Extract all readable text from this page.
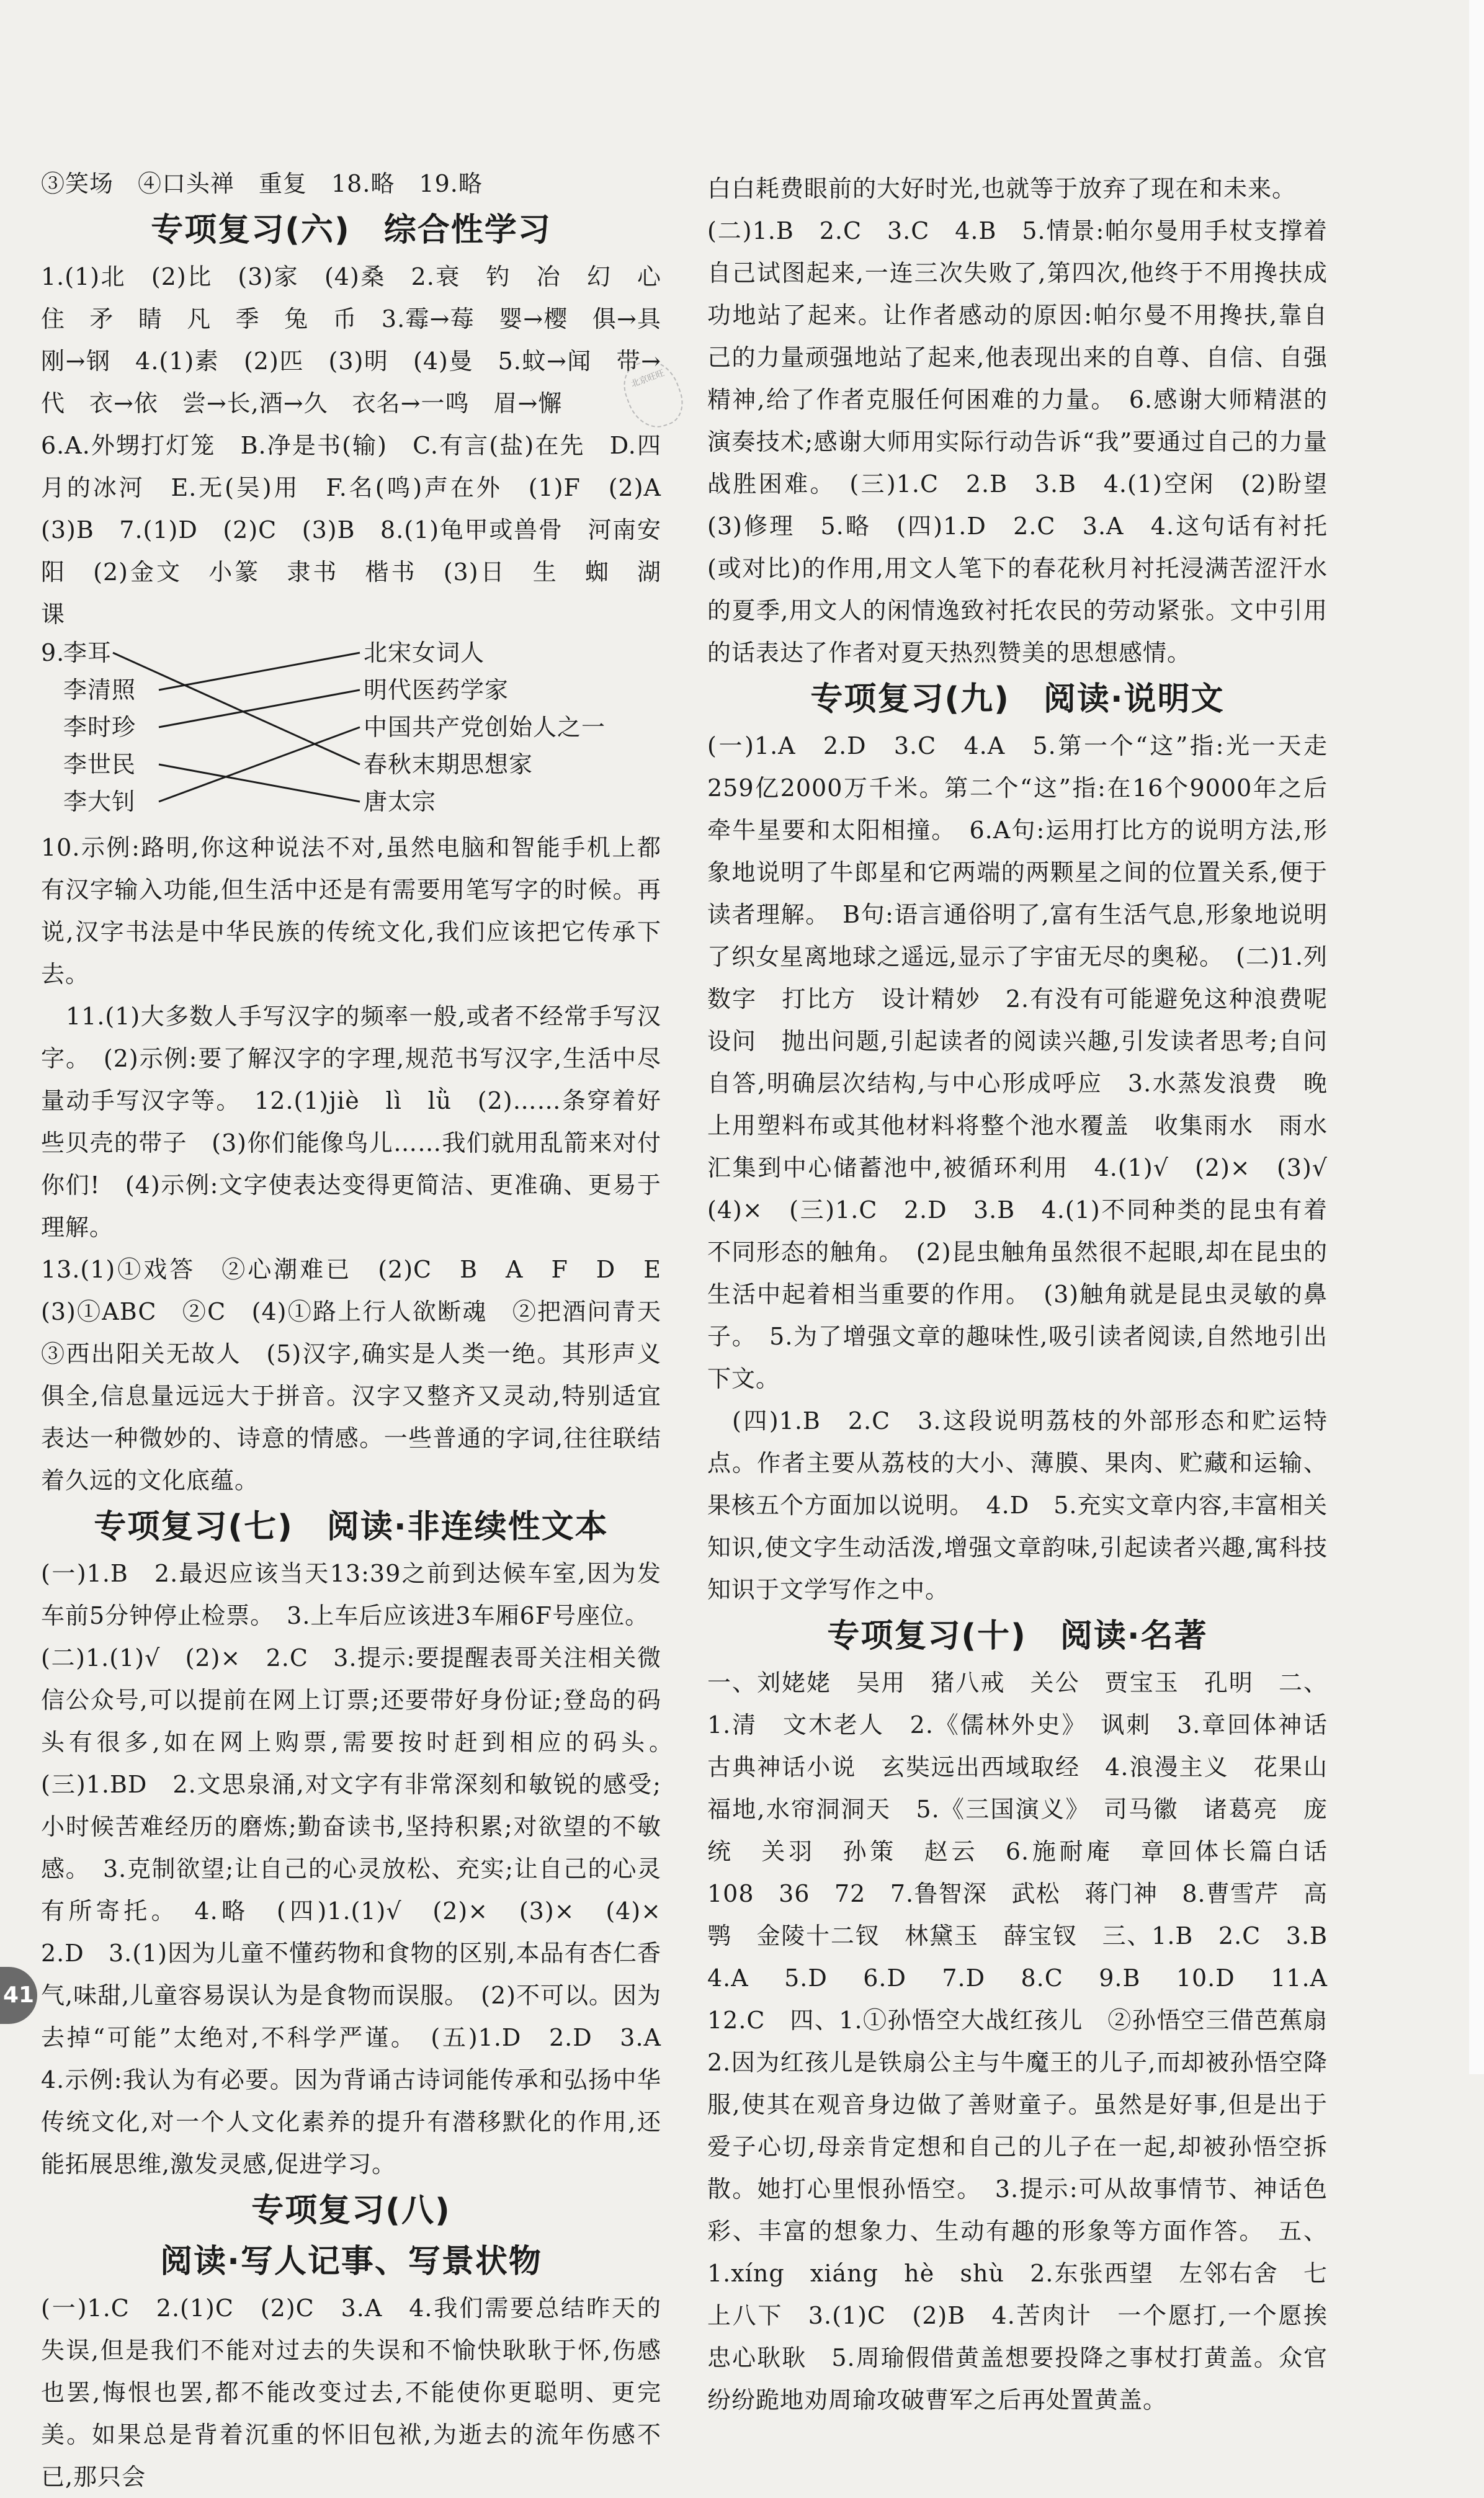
北京旺旺

③笑场　④口头禅　重复　18.略　19.略

专项复习(六)　综合性学习

1.(1)北　(2)比　(3)家　(4)桑　2.衰　钓　冶　幻　心　住　矛　睛　凡　季　兔　币　3.霉→莓　婴→樱　俱→具　刚→钢　4.(1)素　(2)匹　(3)明　(4)曼　5.蚊→闻　带→代　衣→依　尝→长,酒→久　衣名→一鸣　眉→懈

6.A.外甥打灯笼　B.净是书(输)　C.有言(盐)在先　D.四月的冰河　E.无(吴)用　F.名(鸣)声在外　(1)F　(2)A　(3)B　7.(1)D　(2)C　(3)B　8.(1)龟甲或兽骨　河南安阳　(2)金文　小篆　隶书　楷书　(3)日　生　蜘　湖　课

9.
李耳
李清照
李时珍
李世民
李大钊
北宋女词人
明代医药学家
中国共产党创始人之一
春秋末期思想家
唐太宗

10.示例:路明,你这种说法不对,虽然电脑和智能手机上都有汉字输入功能,但生活中还是有需要用笔写字的时候。再说,汉字书法是中华民族的传统文化,我们应该把它传承下去。

11.(1)大多数人手写汉字的频率一般,或者不经常手写汉字。　(2)示例:要了解汉字的字理,规范书写汉字,生活中尽量动手写汉字等。　12.(1)jiè　lì　lǜ　(2)……条穿着好些贝壳的带子　(3)你们能像鸟儿……我们就用乱箭来对付你们!　(4)示例:文字使表达变得更简洁、更准确、更易于理解。

13.(1)①戏答　②心潮难已　(2)C　B　A　F　D　E　(3)①ABC　②C　(4)①路上行人欲断魂　②把酒问青天　③西出阳关无故人　(5)汉字,确实是人类一绝。其形声义俱全,信息量远远大于拼音。汉字又整齐又灵动,特别适宜表达一种微妙的、诗意的情感。一些普通的字词,往往联结着久远的文化底蕴。

专项复习(七)　阅读·非连续性文本

(一)1.B　2.最迟应该当天13:39之前到达候车室,因为发车前5分钟停止检票。　3.上车后应该进3车厢6F号座位。

(二)1.(1)√　(2)×　2.C　3.提示:要提醒表哥关注相关微信公众号,可以提前在网上订票;还要带好身份证;登岛的码头有很多,如在网上购票,需要按时赶到相应的码头。　(三)1.BD　2.文思泉涌,对文字有非常深刻和敏锐的感受;小时候苦难经历的磨炼;勤奋读书,坚持积累;对欲望的不敏感。　3.克制欲望;让自己的心灵放松、充实;让自己的心灵有所寄托。　4.略　(四)1.(1)√　(2)×　(3)×　(4)×　2.D　3.(1)因为儿童不懂药物和食物的区别,本品有杏仁香气,味甜,儿童容易误认为是食物而误服。　(2)不可以。因为去掉“可能”太绝对,不科学严谨。　(五)1.D　2.D　3.A　4.示例:我认为有必要。因为背诵古诗词能传承和弘扬中华传统文化,对一个人文化素养的提升有潜移默化的作用,还能拓展思维,激发灵感,促进学习。

专项复习(八)
阅读·写人记事、写景状物

(一)1.C　2.(1)C　(2)C　3.A　4.我们需要总结昨天的失误,但是我们不能对过去的失误和不愉快耿耿于怀,伤感也罢,悔恨也罢,都不能改变过去,不能使你更聪明、更完美。如果总是背着沉重的怀旧包袱,为逝去的流年伤感不已,那只会

白白耗费眼前的大好时光,也就等于放弃了现在和未来。

(二)1.B　2.C　3.C　4.B　5.情景:帕尔曼用手杖支撑着自己试图起来,一连三次失败了,第四次,他终于不用搀扶成功地站了起来。让作者感动的原因:帕尔曼不用搀扶,靠自己的力量顽强地站了起来,他表现出来的自尊、自信、自强精神,给了作者克服任何困难的力量。　6.感谢大师精湛的演奏技术;感谢大师用实际行动告诉“我”要通过自己的力量战胜困难。　(三)1.C　2.B　3.B　4.(1)空闲　(2)盼望　(3)修理　5.略　(四)1.D　2.C　3.A　4.这句话有衬托(或对比)的作用,用文人笔下的春花秋月衬托浸满苦涩汗水的夏季,用文人的闲情逸致衬托农民的劳动紧张。文中引用的话表达了作者对夏天热烈赞美的思想感情。

专项复习(九)　阅读·说明文

(一)1.A　2.D　3.C　4.A　5.第一个“这”指:光一天走259亿2000万千米。第二个“这”指:在16个9000年之后牵牛星要和太阳相撞。　6.A句:运用打比方的说明方法,形象地说明了牛郎星和它两端的两颗星之间的位置关系,便于读者理解。　B句:语言通俗明了,富有生活气息,形象地说明了织女星离地球之遥远,显示了宇宙无尽的奥秘。　(二)1.列数字　打比方　设计精妙　2.有没有可能避免这种浪费呢　设问　抛出问题,引起读者的阅读兴趣,引发读者思考;自问自答,明确层次结构,与中心形成呼应　3.水蒸发浪费　晚上用塑料布或其他材料将整个池水覆盖　收集雨水　雨水汇集到中心储蓄池中,被循环利用　4.(1)√　(2)×　(3)√　(4)×　(三)1.C　2.D　3.B　4.(1)不同种类的昆虫有着不同形态的触角。　(2)昆虫触角虽然很不起眼,却在昆虫的生活中起着相当重要的作用。　(3)触角就是昆虫灵敏的鼻子。　5.为了增强文章的趣味性,吸引读者阅读,自然地引出下文。

(四)1.B　2.C　3.这段说明荔枝的外部形态和贮运特点。作者主要从荔枝的大小、薄膜、果肉、贮藏和运输、果核五个方面加以说明。　4.D　5.充实文章内容,丰富相关知识,使文字生动活泼,增强文章韵味,引起读者兴趣,寓科技知识于文学写作之中。

专项复习(十)　阅读·名著

一、刘姥姥　吴用　猪八戒　关公　贾宝玉　孔明　二、1.清　文木老人　2.《儒林外史》　讽刺　3.章回体神话　古典神话小说　玄奘远出西域取经　4.浪漫主义　花果山福地,水帘洞洞天　5.《三国演义》　司马徽　诸葛亮　庞统　关羽　孙策　赵云　6.施耐庵　章回体长篇白话　108　36　72　7.鲁智深　武松　蒋门神　8.曹雪芹　高鹗　金陵十二钗　林黛玉　薛宝钗　三、1.B　2.C　3.B　4.A　5.D　6.D　7.D　8.C　9.B　10.D　11.A　12.C　四、1.①孙悟空大战红孩儿　②孙悟空三借芭蕉扇　2.因为红孩儿是铁扇公主与牛魔王的儿子,而却被孙悟空降服,使其在观音身边做了善财童子。虽然是好事,但是出于爱子心切,母亲肯定想和自己的儿子在一起,却被孙悟空拆散。她打心里恨孙悟空。　3.提示:可从故事情节、神话色彩、丰富的想象力、生动有趣的形象等方面作答。　五、1.xíng　xiáng　hè　shù　2.东张西望　左邻右舍　七上八下　3.(1)C　(2)B　4.苦肉计　一个愿打,一个愿挨　忠心耿耿　5.周瑜假借黄盖想要投降之事杖打黄盖。众官纷纷跪地劝周瑜攻破曹军之后再处置黄盖。

41
